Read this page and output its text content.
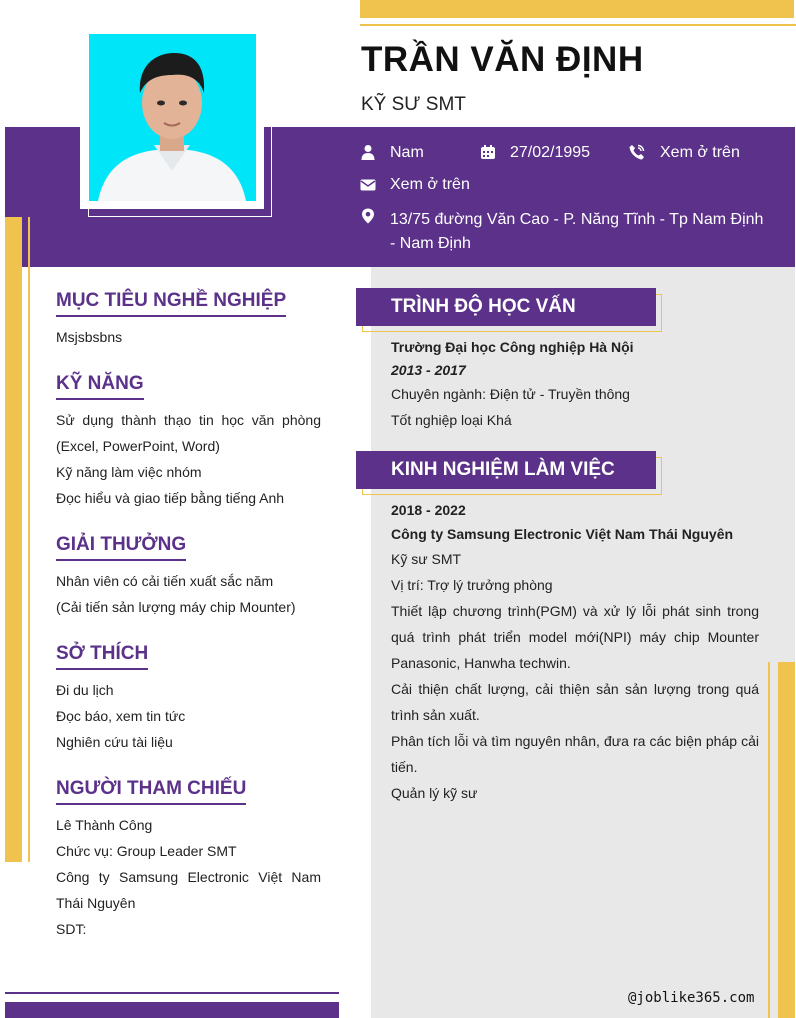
TRẦN VĂN ĐỊNH
KỸ SƯ SMT
Nam	27/02/1995	Xem ở trên
Xem ở trên
13/75 đường Văn Cao - P. Năng Tĩnh - Tp Nam Định - Nam Định
MỤC TIÊU NGHỀ NGHIỆP

Msjsbsbns

KỸ NĂNG

Sử dụng thành thạo tin học văn phòng (Excel, PowerPoint, Word)

Kỹ năng làm việc nhóm

Đọc hiểu và giao tiếp bằng tiếng Anh

GIẢI THƯỞNG

Nhân viên có cải tiến xuất sắc năm

(Cải tiến sản lượng máy chip Mounter)

SỞ THÍCH

Đi du lịch

Đọc báo, xem tin tức

Nghiên cứu tài liệu

NGƯỜI THAM CHIẾU

Lê Thành Công

Chức vụ: Group Leader SMT

Công ty Samsung Electronic Việt Nam Thái Nguyên

SDT:

TRÌNH ĐỘ HỌC VẤN

Trường Đại học Công nghiệp Hà Nội

2013 - 2017

Chuyên ngành: Điện tử - Truyền thông

Tốt nghiệp loại Khá

KINH NGHIỆM LÀM VIỆC

2018 - 2022

Công ty Samsung Electronic Việt Nam Thái Nguyên

Kỹ sư SMT

Vị trí: Trợ lý trưởng phòng

Thiết lập chương trình(PGM) và xử lý lỗi phát sinh trong quá trình phát triển model mới(NPI) máy chip Mounter Panasonic, Hanwha techwin.

Cải thiện chất lượng, cải thiện sản sản lượng trong quá trình sản xuất.

Phân tích lỗi và tìm nguyên nhân, đưa ra các biện pháp cải tiến.

Quản lý kỹ sư

@joblike365.com
